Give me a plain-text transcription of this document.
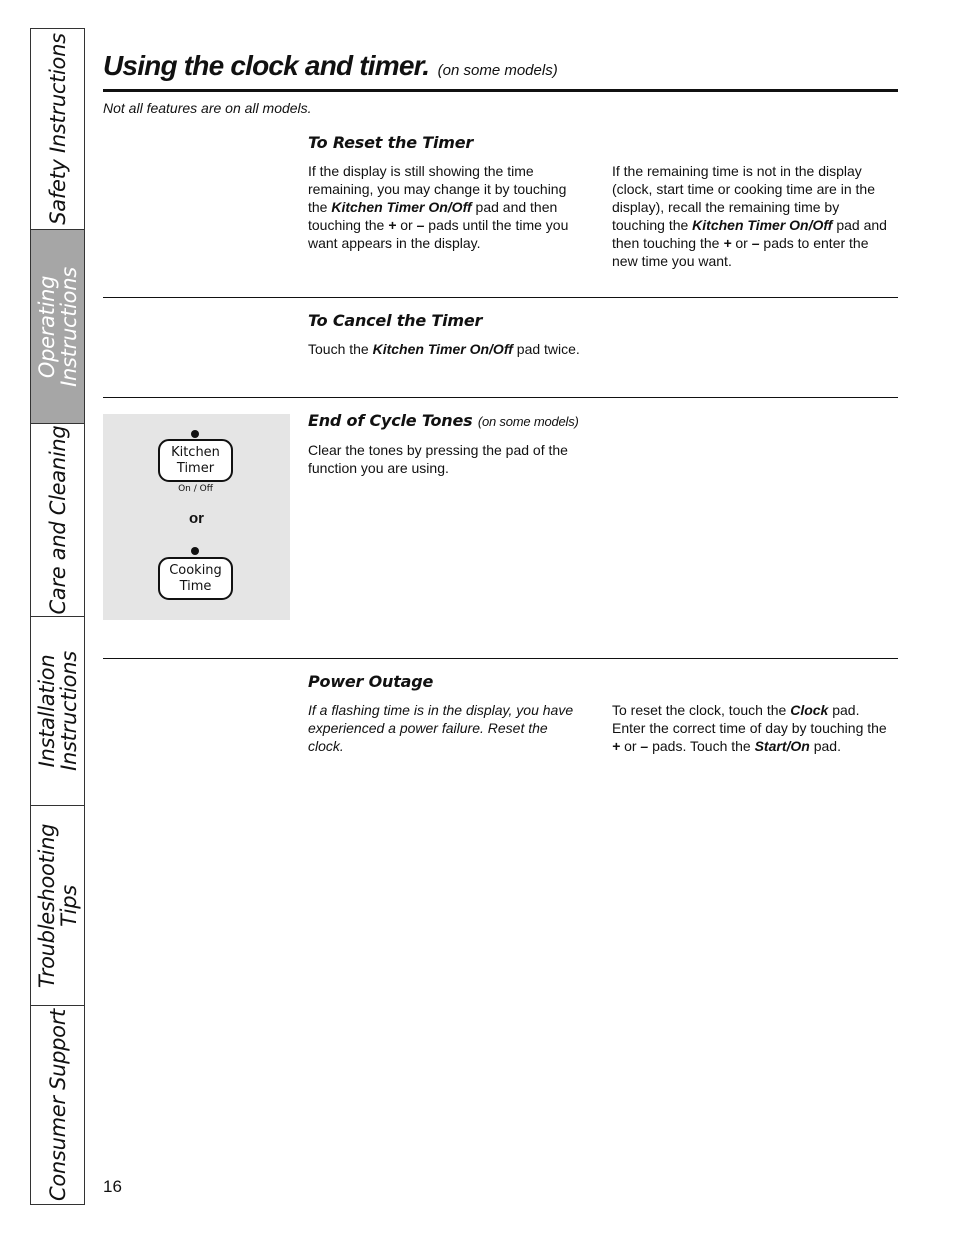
Safety Instructions
Operating
Instructions
Care and Cleaning
Installation
Instructions
Troubleshooting
Tips
Consumer Support
Using the clock and timer. (on some models)
Not all features are on all models.
To Reset the Timer
If the display is still showing the time remaining, you may change it by touching the Kitchen Timer On/Off pad and then touching the + or – pads until the time you want appears in the display.
If the remaining time is not in the display (clock, start time or cooking time are in the display), recall the remaining time by touching the Kitchen Timer On/Off pad and then touching the + or – pads to enter the new time you want.
To Cancel the Timer
Touch the Kitchen Timer On/Off pad twice.
Kitchen
Timer
On / Off
or
Cooking
Time
End of Cycle Tones (on some models)
Clear the tones by pressing the pad of the function you are using.
Power Outage
If a flashing time is in the display, you have experienced a power failure. Reset the clock.
To reset the clock, touch the Clock pad. Enter the correct time of day by touching the + or – pads. Touch the Start/On pad.
16
